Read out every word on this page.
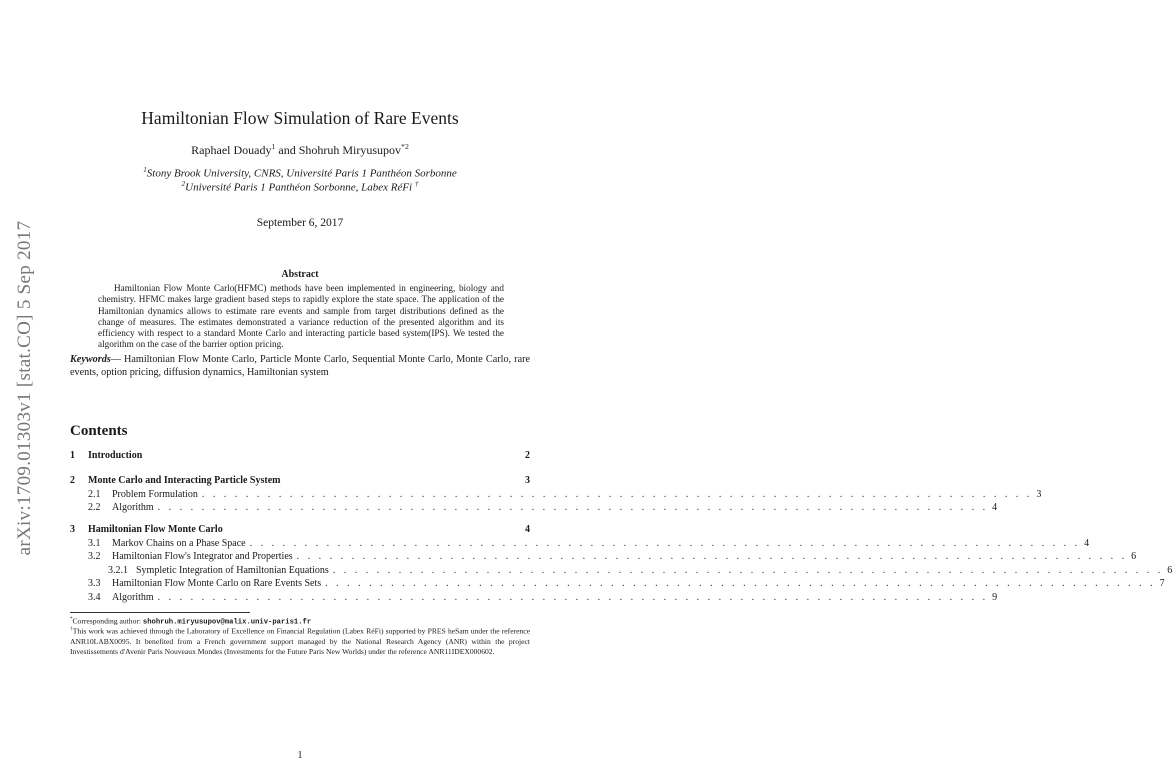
arXiv:1709.01303v1 [stat.CO] 5 Sep 2017
Hamiltonian Flow Simulation of Rare Events
Raphael Douady$^1$ and Shohruh Miryusupov$^{*2}$
$^1$Stony Brook University, CNRS, Université Paris 1 Panthéon Sorbonne
$^2$Université Paris 1 Panthéon Sorbonne, Labex RéFi †
September 6, 2017
Abstract
Hamiltonian Flow Monte Carlo(HFMC) methods have been implemented in engineering, biology and chemistry. HFMC makes large gradient based steps to rapidly explore the state space. The application of the Hamiltonian dynamics allows to estimate rare events and sample from target distributions defined as the change of measures. The estimates demonstrated a variance reduction of the presented algorithm and its efficiency with respect to a standard Monte Carlo and interacting particle based system(IPS). We tested the algorithm on the case of the barrier option pricing.
Keywords— Hamiltonian Flow Monte Carlo, Particle Monte Carlo, Sequential Monte Carlo, Monte Carlo, rare events, option pricing, diffusion dynamics, Hamiltonian system
Contents
1	Introduction	2
2	Monte Carlo and Interacting Particle System	3
2.1	Problem Formulation . . . . . . . . . . . . . . . . . . . . . . . . . . . . . . . . . . . . . . . . . . . . . . . . . . . . . . . . . . . . . . . . . . . . . . . . . . . . 3
2.2	Algorithm . . . . . . . . . . . . . . . . . . . . . . . . . . . . . . . . . . . . . . . . . . . . . . . . . . . . . . . . . . . . . . . . . . . . . . . . . . . . 4
3	Hamiltonian Flow Monte Carlo	4
3.1	Markov Chains on a Phase Space . . . . . . . . . . . . . . . . . . . . . . . . . . . . . . . . . . . . . . . . . . . . . . . . . . . . . . . . . . . . . . . . . . . . . . . . . . . . 4
3.2	Hamiltonian Flow's Integrator and Properties . . . . . . . . . . . . . . . . . . . . . . . . . . . . . . . . . . . . . . . . . . . . . . . . . . . . . . . . . . . . . . . . . . . . . . . . . . . . 6
3.2.1 Sympletic Integration of Hamiltonian Equations . . . . . . . . . . . . . . . . . . . . . . . . . . . . . . . . . . . . . . . . . . . . . . . . . . . . . . . . . . . . . . . . . . . . . . . . . . . . 6
3.3	Hamiltonian Flow Monte Carlo on Rare Events Sets . . . . . . . . . . . . . . . . . . . . . . . . . . . . . . . . . . . . . . . . . . . . . . . . . . . . . . . . . . . . . . . . . . . . . . . . . . . . 7
3.4	Algorithm . . . . . . . . . . . . . . . . . . . . . . . . . . . . . . . . . . . . . . . . . . . . . . . . . . . . . . . . . . . . . . . . . . . . . . . . . . . . 9
*Corresponding author: shohruh.miryusupov@malix.univ-paris1.fr
†This work was achieved through the Laboratory of Excellence on Financial Regulation (Labex RéFi) supported by PRES heSam under the reference ANR10LABX0095. It benefited from a French government support managed by the National Research Agency (ANR) within the project Investissements d'Avenir Paris Nouveaux Mondes (Investments for the Future Paris New Worlds) under the reference ANR11IDEX000602.
1
